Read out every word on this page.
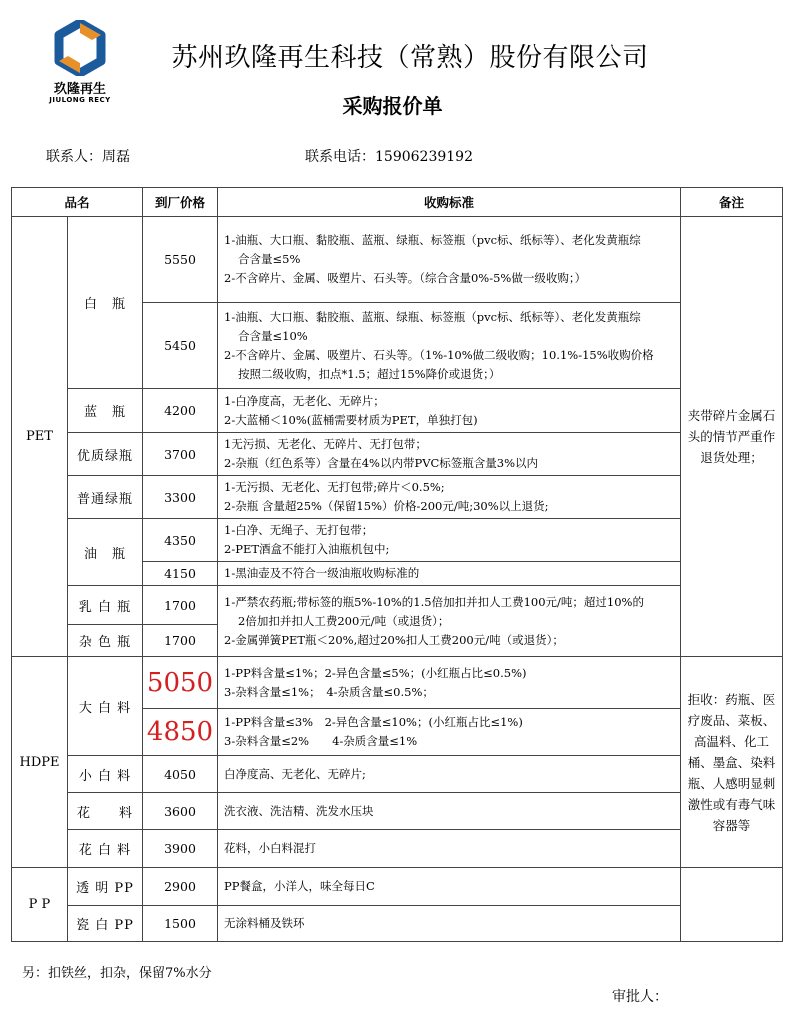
玖隆再生
JIULONG RECY
苏州玖隆再生科技（常熟）股份有限公司
采购报价单
联系人：周磊	联系电话：15906239192
品名		到厂价格	收购标准	备注
PET	白　瓶	5550	1-油瓶、大口瓶、黏胶瓶、蓝瓶、绿瓶、标签瓶（pvc标、纸标等）、老化发黄瓶综

合含量≤5%

2-不含碎片、金属、吸塑片、石头等。（综合含量0%-5%做一级收购；）	夹带碎片金属石头的情节严重作退货处理；
		5450	1-油瓶、大口瓶、黏胶瓶、蓝瓶、绿瓶、标签瓶（pvc标、纸标等）、老化发黄瓶综

合含量≤10%

2-不含碎片、金属、吸塑片、石头等。（1%-10%做二级收购；10.1%-15%收购价格

按照二级收购，扣点*1.5；超过15%降价或退货；）	

	蓝　瓶	4200	1-白净度高，无老化、无碎片；

2-大蓝桶＜10%(蓝桶需要材质为PET，单独打包)	

	优质绿瓶	3700	1无污损、无老化、无碎片、无打包带；

2-杂瓶（红色系等）含量在4%以内带PVC标签瓶含量3%以内	

	普通绿瓶	3300	1-无污损、无老化、无打包带;碎片＜0.5%;

2-杂瓶 含量超25%（保留15%）价格-200元/吨;30%以上退货;	

	油　瓶	4350	1-白净、无绳子、无打包带；

2-PET酒盒不能打入油瓶机包中;	

		4150	1-黑油壶及不符合一级油瓶收购标准的	

	乳 白 瓶	1700	1-严禁农药瓶;带标签的瓶5%-10%的1.5倍加扣并扣人工费100元/吨；超过10%的

2倍加扣并扣人工费200元/吨（或退货）；

2-金属弹簧PET瓶＜20%,超过20%扣人工费200元/吨（或退货）；	

	杂 色 瓶	1700		

HDPE	大 白 料	5050	1-PP料含量≤1%；2-异色含量≤5%；(小红瓶占比≤0.5%)

3-杂料含量≤1%；　4-杂质含量≤0.5%；	拒收：药瓶、医疗废品、菜板、高温料、化工桶、墨盒、染料瓶、人感明显刺激性或有毒气味容器等
		4850	1-PP料含量≤3%　2-异色含量≤10%；(小红瓶占比≤1%)

3-杂料含量≤2%　　4-杂质含量≤1%	

	小 白 料	4050	白净度高、无老化、无碎片;	

	花　　料	3600	洗衣液、洗洁精、洗发水压块	

	花 白 料	3900	花料，小白料混打	

P P	透 明 PP	2900	PP餐盒，小洋人，味全每日C	

	瓷 白 PP	1500	无涂料桶及铁环	

另：扣铁丝，扣杂，保留7%水分
审批人：
